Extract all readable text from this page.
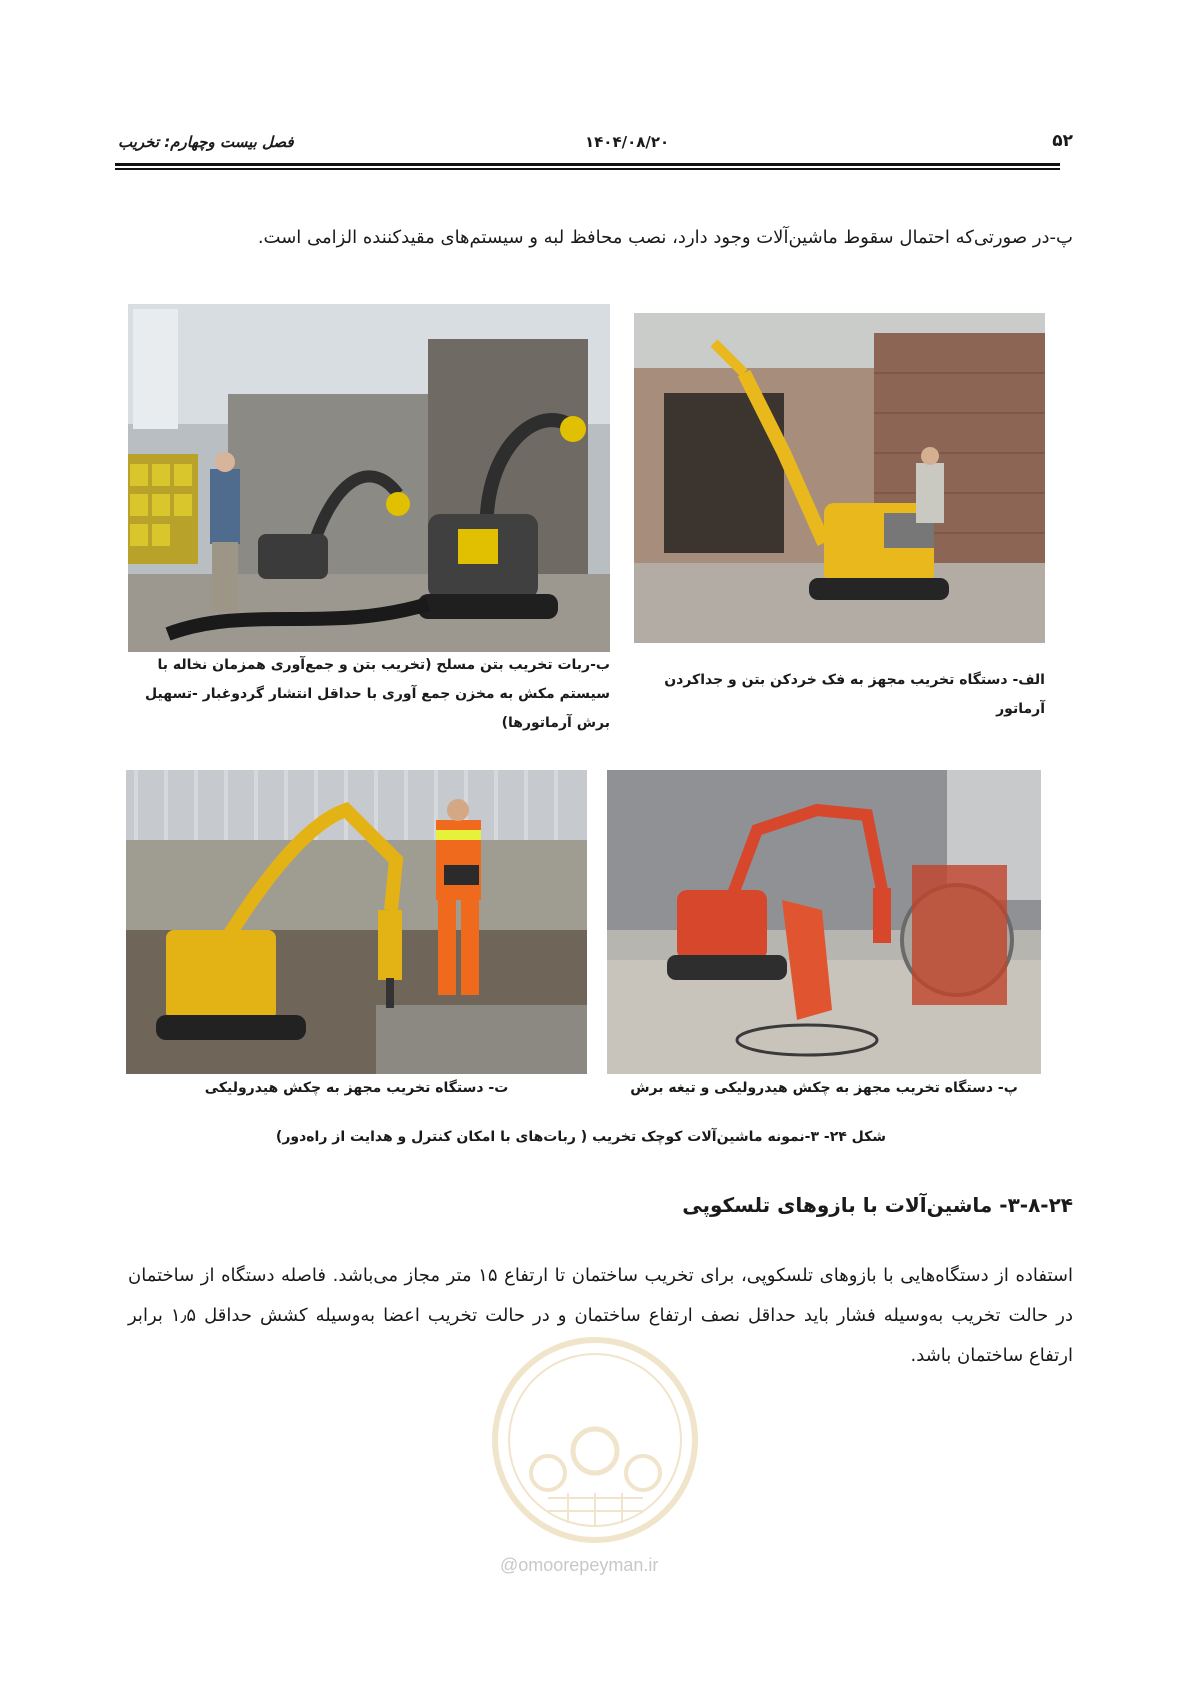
۵۲
۱۴۰۴/۰۸/۲۰
فصل بیست وچهارم: تخریب
پ-در صورتی‌که احتمال سقوط ماشین‌آلات وجود دارد، نصب محافظ لبه و سیستم‌های مقیدکننده الزامی است.
ب-ربات تخریب بتن مسلح (تخریب بتن و جمع‌آوری همزمان نخاله با سیستم مکش به مخزن جمع آوری با حداقل انتشار گردوغبار -تسهیل برش آرماتورها)
الف- دستگاه تخریب مجهز به فک خردکن بتن و جداکردن آرماتور
ت- دستگاه تخریب مجهز به چکش هیدرولیکی	پ- دستگاه تخریب مجهز به چکش هیدرولیکی و تیغه برش
شکل ۲۴- ۳-نمونه ماشین‌آلات کوچک تخریب ( ربات‌های با امکان کنترل و هدایت از راه‌دور)
۳-۸-۲۴- ماشین‌آلات با بازوهای تلسکوپی
استفاده از دستگاه‌هایی با بازوهای تلسکوپی، برای تخریب ساختمان تا ارتفاع ۱۵ متر مجاز می‌باشد. فاصله دستگاه از ساختمان در حالت تخریب به‌وسیله فشار باید حداقل نصف ارتفاع ساختمان و در حالت تخریب اعضا به‌وسیله کشش حداقل ۱٫۵ برابر ارتفاع ساختمان باشد.
@omoorepeyman.ir
